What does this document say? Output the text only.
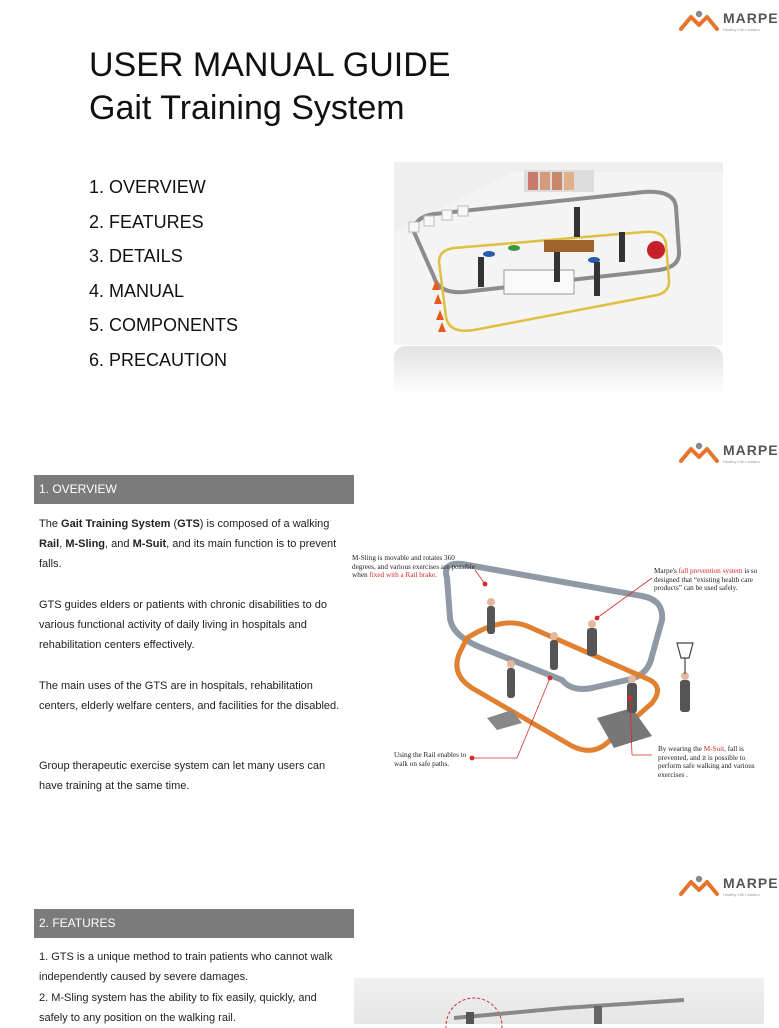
MARPE
Healthy Life Leaders
USER MANUAL GUIDE
Gait Training System
1. OVERVIEW
2. FEATURES
3. DETAILS
4. MANUAL
5. COMPONENTS
6. PRECAUTION
MARPE
Healthy Life Leaders
1. OVERVIEW

The Gait Training System (GTS) is composed of a walking Rail, M-Sling, and M-Suit, and its main function is to prevent falls.

GTS guides elders or patients with chronic disabilities to do various functional activity of daily living in hospitals and rehabilitation centers effectively.

The main uses of the GTS are in hospitals, rehabilitation centers, elderly welfare centers, and facilities for the disabled.

Group therapeutic exercise system can let many users can have training at the same time.

M-Sling is movable and rotates 360 degrees, and various exercises are possible when fixed with a Rail brake.	Marpe's fall prevention system is so designed that “existing health care products” can be used safely.
Using the Rail enables to walk on safe paths.
By wearing the M-Suit, fall is prevented, and it is possible to perform safe walking and various exercises .
MARPE
Healthy Life Leaders
2. FEATURES

1. GTS is a unique method to train patients who cannot walk independently caused by severe damages.

2. M-Sling system has the ability to fix easily, quickly, and safely to any position on the walking rail.
